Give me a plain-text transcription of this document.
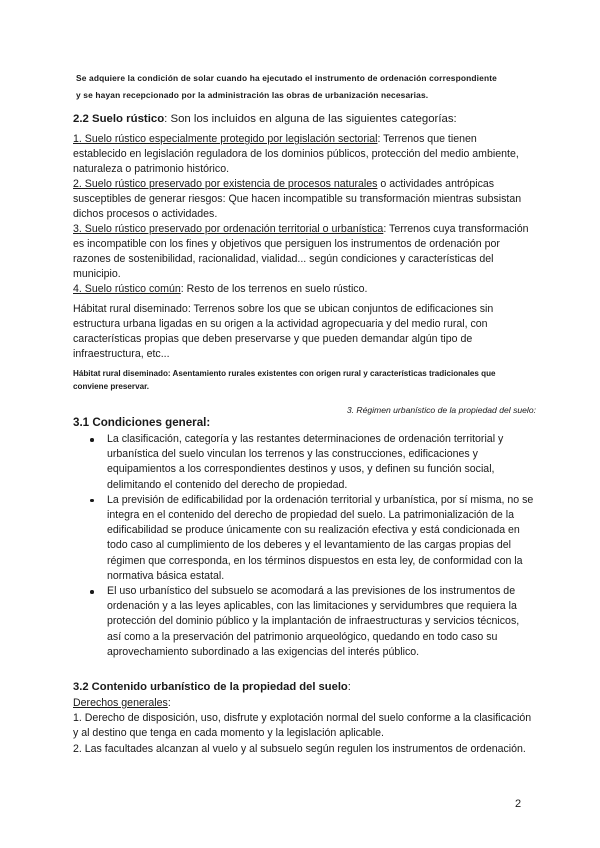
Se adquiere la condición de solar cuando ha ejecutado el instrumento de ordenación correspondiente

y se hayan recepcionado por la administración las obras de urbanización necesarias.

2.2 Suelo rústico: Son los incluidos en alguna de las siguientes categorías:

1. Suelo rústico especialmente protegido por legislación sectorial: Terrenos que tienen establecido en legislación reguladora de los dominios públicos, protección del medio ambiente, naturaleza o patrimonio histórico.

2. Suelo rústico preservado por existencia de procesos naturales o actividades antrópicas susceptibles de generar riesgos: Que hacen incompatible su transformación mientras subsistan dichos procesos o actividades.

3. Suelo rústico preservado por ordenación territorial o urbanística: Terrenos cuya transformación es incompatible con los fines y objetivos que persiguen los instrumentos de ordenación por razones de sostenibilidad, racionalidad, vialidad... según condiciones y características del municipio.

4. Suelo rústico común: Resto de los terrenos en suelo rústico.

Hábitat rural diseminado: Terrenos sobre los que se ubican conjuntos de edificaciones sin estructura urbana ligadas en su origen a la actividad agropecuaria y del medio rural, con características propias que deben preservarse y que pueden demandar algún tipo de infraestructura, etc...

Hábitat rural diseminado: Asentamiento rurales existentes con origen rural y características tradicionales que conviene preservar.
3. Régimen urbanístico de la propiedad del suelo:
3.1 Condiciones general:
La clasificación, categoría y las restantes determinaciones de ordenación territorial y urbanística del suelo vinculan los terrenos y las construcciones, edificaciones y equipamientos a los correspondientes destinos y usos, y definen su función social, delimitando el contenido del derecho de propiedad.
La previsión de edificabilidad por la ordenación territorial y urbanística, por sí misma, no se integra en el contenido del derecho de propiedad del suelo. La patrimonialización de la edificabilidad se produce únicamente con su realización efectiva y está condicionada en todo caso al cumplimiento de los deberes y el levantamiento de las cargas propias del régimen que corresponda, en los términos dispuestos en esta ley, de conformidad con la normativa básica estatal.
El uso urbanístico del subsuelo se acomodará a las previsiones de los instrumentos de ordenación y a las leyes aplicables, con las limitaciones y servidumbres que requiera la protección del dominio público y la implantación de infraestructuras y servicios técnicos, así como a la preservación del patrimonio arqueológico, quedando en todo caso su aprovechamiento subordinado a las exigencias del interés público.
3.2 Contenido urbanístico de la propiedad del suelo:

Derechos generales:

1. Derecho de disposición, uso, disfrute y explotación normal del suelo conforme a la clasificación y al destino que tenga en cada momento y la legislación aplicable.

2. Las facultades alcanzan al vuelo y al subsuelo según regulen los instrumentos de ordenación.

2
